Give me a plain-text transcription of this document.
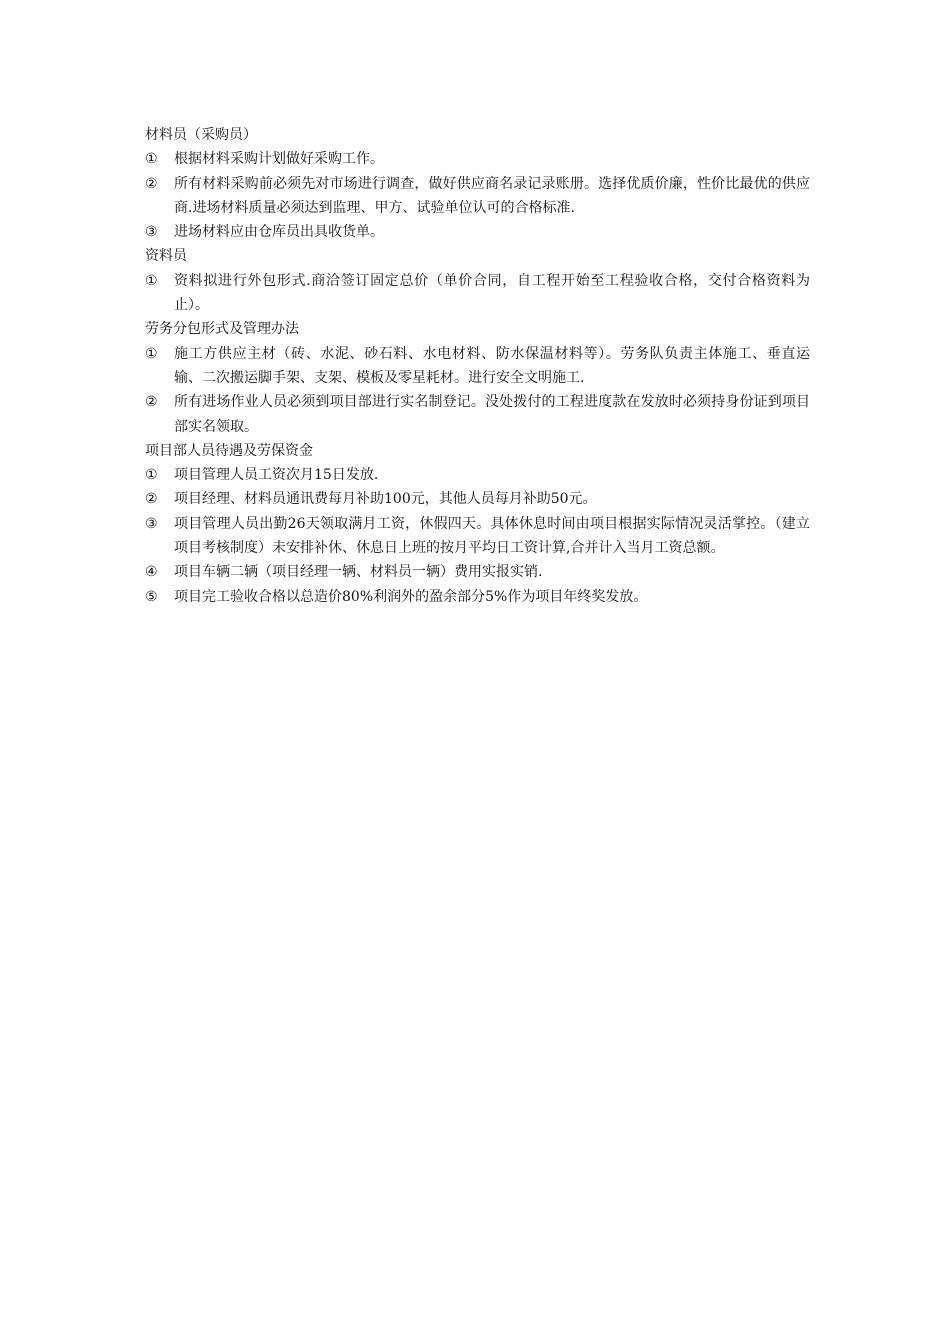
材料员（采购员）

①	根据材料采购计划做好采购工作。
②	所有材料采购前必须先对市场进行调查，做好供应商名录记录账册。选择优质价廉，性价比最优的供应商.进场材料质量必须达到监理、甲方、试验单位认可的合格标准.
③	进场材料应由仓库员出具收货单。

资料员

①	资料拟进行外包形式.商洽签订固定总价（单价合同，自工程开始至工程验收合格，交付合格资料为止）。

劳务分包形式及管理办法

①	施工方供应主材（砖、水泥、砂石料、水电材料、防水保温材料等）。劳务队负责主体施工、垂直运输、二次搬运脚手架、支架、模板及零星耗材。进行安全文明施工.
②	所有进场作业人员必须到项目部进行实名制登记。没处拨付的工程进度款在发放时必须持身份证到项目部实名领取。

项目部人员待遇及劳保资金

①	项目管理人员工资次月15日发放.
②	项目经理、材料员通讯费每月补助100元，其他人员每月补助50元。
③	项目管理人员出勤26天领取满月工资，休假四天。具体休息时间由项目根据实际情况灵活掌控。（建立项目考核制度）未安排补休、休息日上班的按月平均日工资计算,合并计入当月工资总额。
④	项目车辆二辆（项目经理一辆、材料员一辆）费用实报实销.
⑤	项目完工验收合格以总造价80%利润外的盈余部分5%作为项目年终奖发放。
